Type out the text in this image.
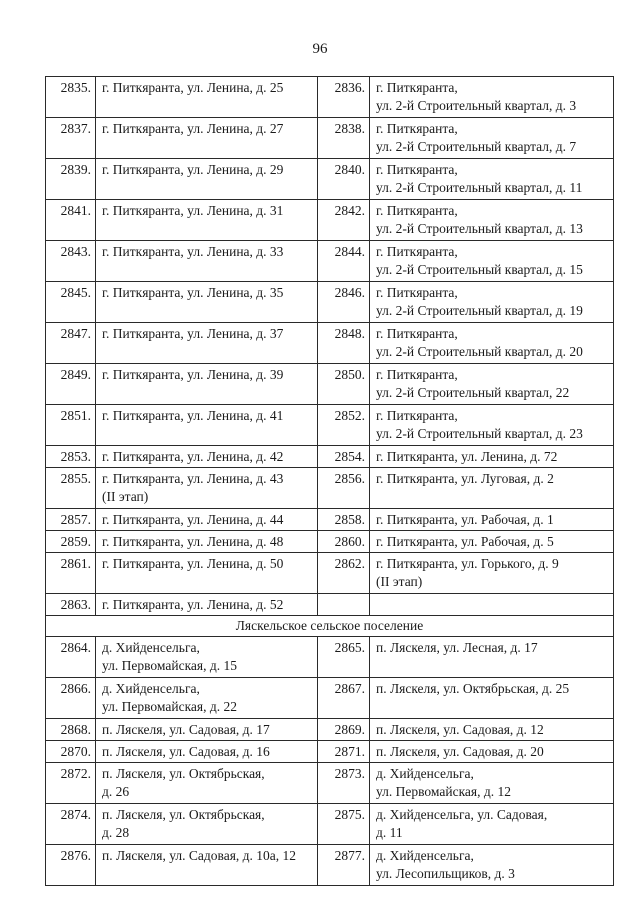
96
2835.	г. Питкяранта, ул. Ленина, д. 25	2836.	г. Питкяранта,
ул. 2-й Строительный квартал, д. 3
2837.	г. Питкяранта, ул. Ленина, д. 27	2838.	г. Питкяранта,
ул. 2-й Строительный квартал, д. 7
2839.	г. Питкяранта, ул. Ленина, д. 29	2840.	г. Питкяранта,
ул. 2-й Строительный квартал, д. 11
2841.	г. Питкяранта, ул. Ленина, д. 31	2842.	г. Питкяранта,
ул. 2-й Строительный квартал, д. 13
2843.	г. Питкяранта, ул. Ленина, д. 33	2844.	г. Питкяранта,
ул. 2-й Строительный квартал, д. 15
2845.	г. Питкяранта, ул. Ленина, д. 35	2846.	г. Питкяранта,
ул. 2-й Строительный квартал, д. 19
2847.	г. Питкяранта, ул. Ленина, д. 37	2848.	г. Питкяранта,
ул. 2-й Строительный квартал, д. 20
2849.	г. Питкяранта, ул. Ленина, д. 39	2850.	г. Питкяранта,
ул. 2-й Строительный квартал, 22
2851.	г. Питкяранта, ул. Ленина, д. 41	2852.	г. Питкяранта,
ул. 2-й Строительный квартал, д. 23
2853.	г. Питкяранта, ул. Ленина, д. 42	2854.	г. Питкяранта, ул. Ленина, д. 72
2855.	г. Питкяранта, ул. Ленина, д. 43
(II этап)	2856.	г. Питкяранта, ул. Луговая, д. 2
2857.	г. Питкяранта, ул. Ленина, д. 44	2858.	г. Питкяранта, ул. Рабочая, д. 1
2859.	г. Питкяранта, ул. Ленина, д. 48	2860.	г. Питкяранта, ул. Рабочая, д. 5
2861.	г. Питкяранта, ул. Ленина, д. 50	2862.	г. Питкяранта, ул. Горького, д. 9
(II этап)
2863.	г. Питкяранта, ул. Ленина, д. 52		
Ляскельское сельское поселение			
2864.	д. Хийденсельга,
ул. Первомайская, д. 15	2865.	п. Ляскеля, ул. Лесная, д. 17
2866.	д. Хийденсельга,
ул. Первомайская, д. 22	2867.	п. Ляскеля, ул. Октябрьская, д. 25
2868.	п. Ляскеля, ул. Садовая, д. 17	2869.	п. Ляскеля, ул. Садовая, д. 12
2870.	п. Ляскеля, ул. Садовая, д. 16	2871.	п. Ляскеля, ул. Садовая, д. 20
2872.	п. Ляскеля, ул. Октябрьская,
д. 26	2873.	д. Хийденсельга,
ул. Первомайская, д. 12
2874.	п. Ляскеля, ул. Октябрьская,
д. 28	2875.	д. Хийденсельга, ул. Садовая,
д. 11
2876.	п. Ляскеля, ул. Садовая, д. 10а, 12	2877.	д. Хийденсельга,
ул. Лесопильщиков, д. 3
